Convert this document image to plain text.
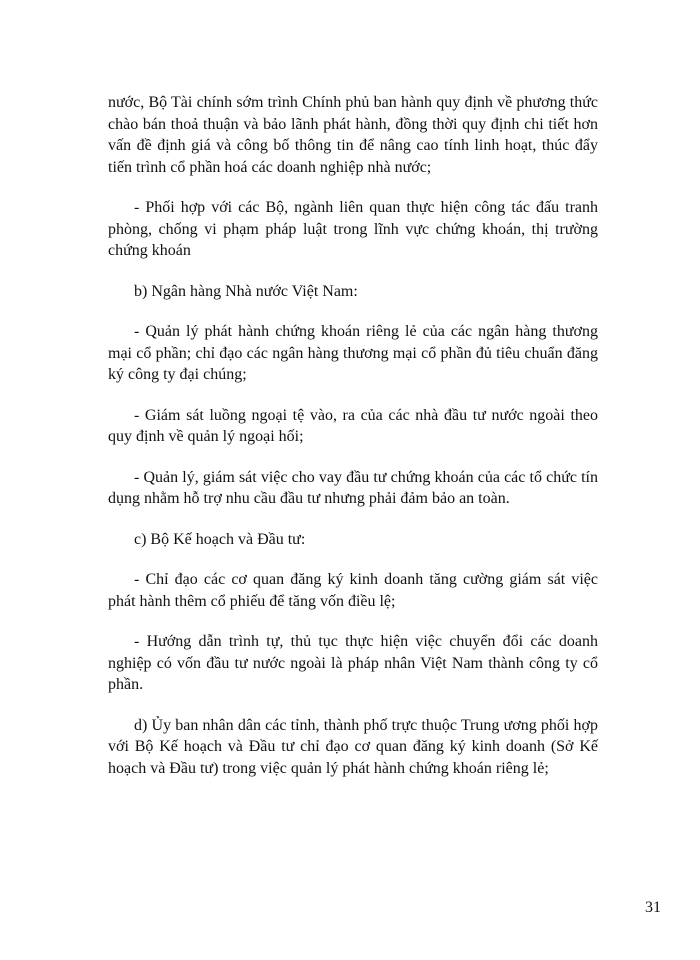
nước, Bộ Tài chính sớm trình Chính phủ ban hành quy định về phương thức chào bán thoả thuận và bảo lãnh phát hành, đồng thời quy định chi tiết hơn vấn đề định giá và công bố thông tin để nâng cao tính linh hoạt, thúc đẩy tiến trình cổ phần hoá các doanh nghiệp nhà nước;

- Phối hợp với các Bộ, ngành liên quan thực hiện công tác đấu tranh phòng, chống vi phạm pháp luật trong lĩnh vực chứng khoán, thị trường chứng khoán

b) Ngân hàng Nhà nước Việt Nam:

- Quản lý phát hành chứng khoán riêng lẻ của các ngân hàng thương mại cổ phần; chỉ đạo các ngân hàng thương mại cổ phần đủ tiêu chuẩn đăng ký công ty đại chúng;

- Giám sát luồng ngoại tệ vào, ra của các nhà đầu tư nước ngoài theo quy định về quản lý ngoại hối;

- Quản lý, giám sát việc cho vay đầu tư chứng khoán của các tổ chức tín dụng nhằm hỗ trợ nhu cầu đầu tư nhưng phải đảm bảo an toàn.

c) Bộ Kế hoạch và Đầu tư:

- Chỉ đạo các cơ quan đăng ký kinh doanh tăng cường giám sát việc phát hành thêm cổ phiếu để tăng vốn điều lệ;

- Hướng dẫn trình tự, thủ tục thực hiện việc chuyển đổi các doanh nghiệp có vốn đầu tư nước ngoài là pháp nhân Việt Nam thành công ty cổ phần.

d) Ủy ban nhân dân các tỉnh, thành phố trực thuộc Trung ương phối hợp với Bộ Kế hoạch và Đầu tư chỉ đạo cơ quan đăng ký kinh doanh (Sở Kế hoạch và Đầu tư) trong việc quản lý phát hành chứng khoán riêng lẻ;

31
